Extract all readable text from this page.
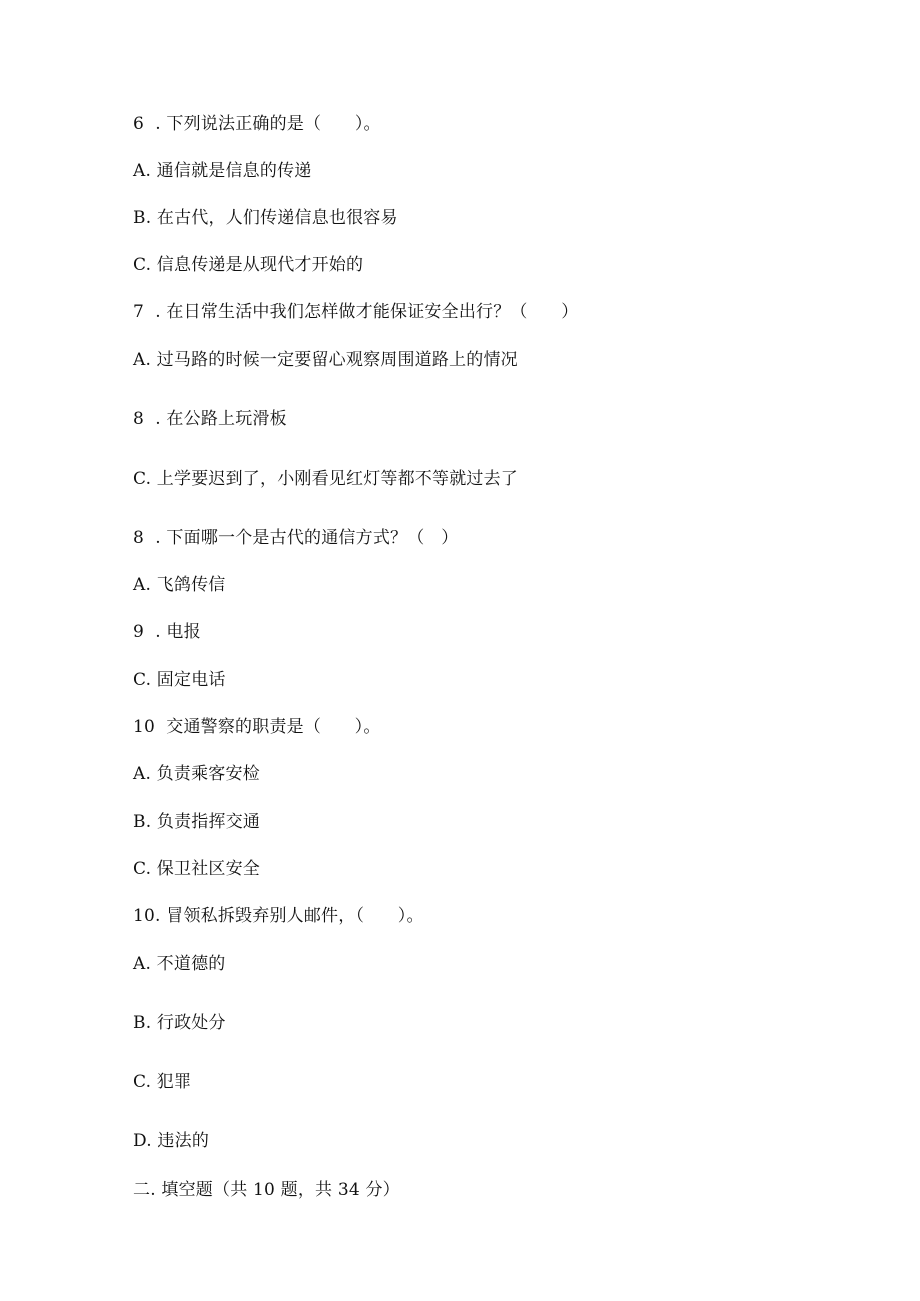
6  . 下列说法正确的是（      ）。
A. 通信就是信息的传递
B. 在古代，人们传递信息也很容易
C. 信息传递是从现代才开始的
7  . 在日常生活中我们怎样做才能保证安全出行？（      ）
A. 过马路的时候一定要留心观察周围道路上的情况
8  . 在公路上玩滑板
C. 上学要迟到了，小刚看见红灯等都不等就过去了
8  . 下面哪一个是古代的通信方式？（   ）
A. 飞鸽传信
9  . 电报
C. 固定电话
10  交通警察的职责是（      ）。
A. 负责乘客安检
B. 负责指挥交通
C. 保卫社区安全
10. 冒领私拆毁弃别人邮件，（      ）。
A. 不道德的
B. 行政处分
C. 犯罪
D. 违法的
二. 填空题（共 10 题，共 34 分）
